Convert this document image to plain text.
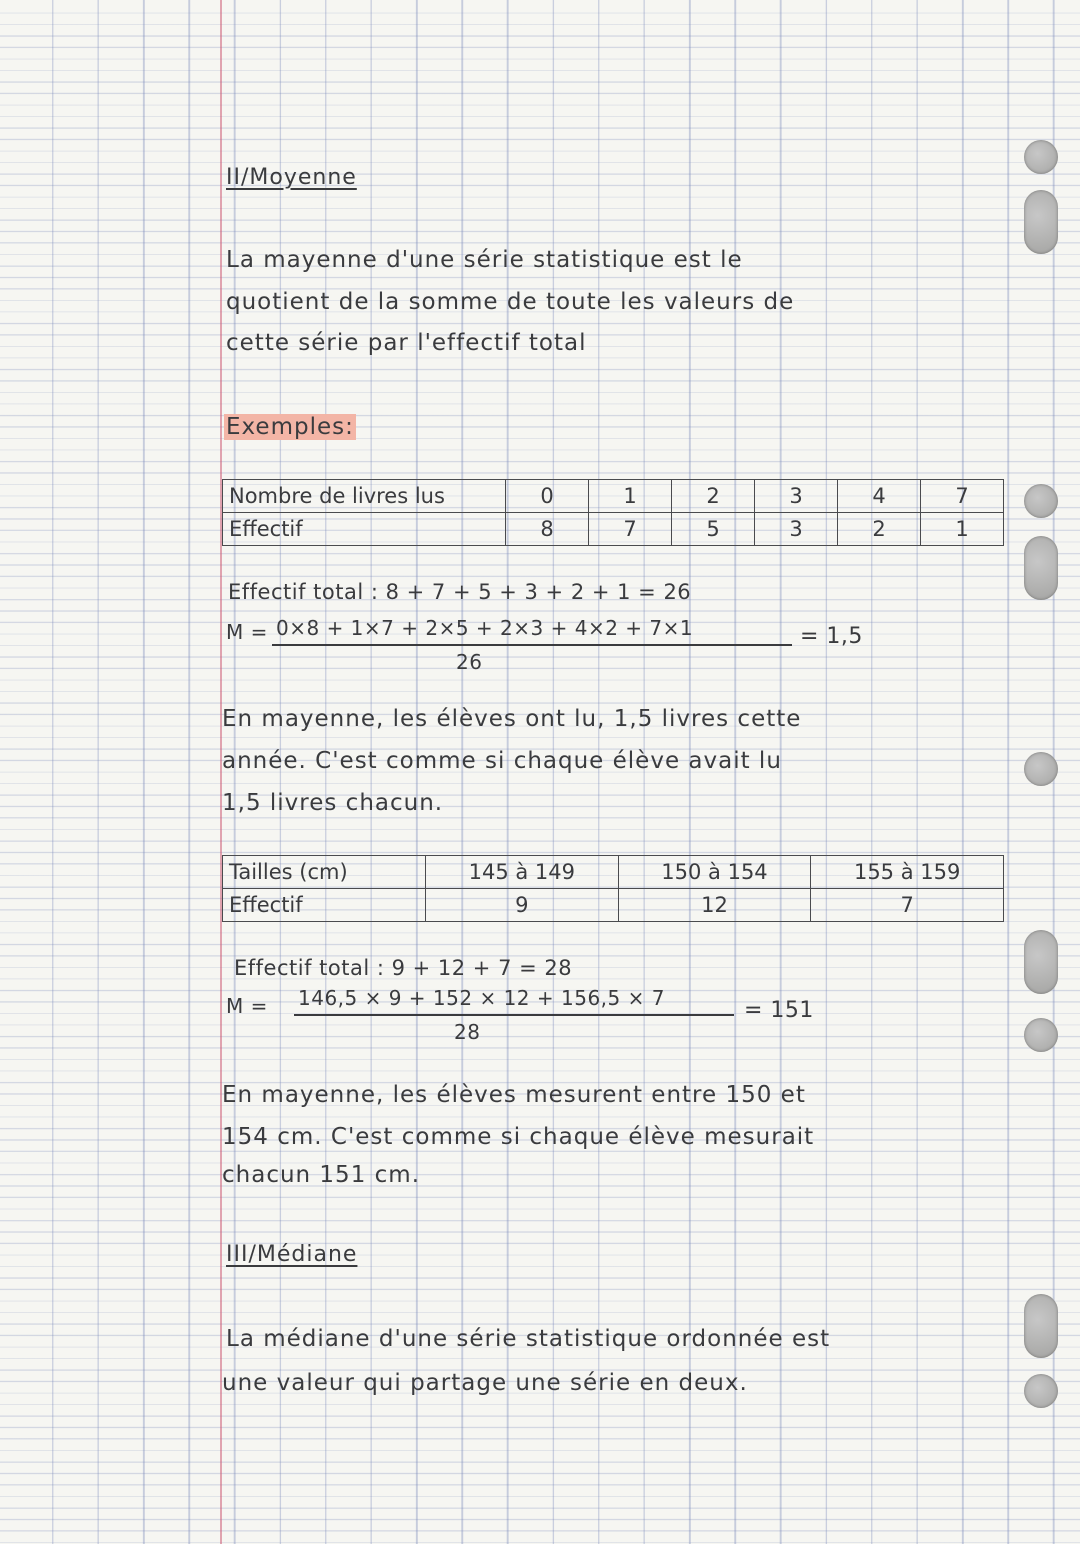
II/Moyenne
La mayenne d'une série statistique est le
quotient de la somme de toute les valeurs de
cette série par l'effectif total
Exemples:
Nombre de livres lus	0	1	2	3	4	7
Effectif	8	7	5	3	2	1
Effectif total : 8 + 7 + 5 + 3 + 2 + 1 = 26
M = 0×8 + 1×7 + 2×5 + 2×3 + 4×2 + 7×1	= 1,5
26
En mayenne, les élèves ont lu, 1,5 livres cette
année. C'est comme si chaque élève avait lu
1,5 livres chacun.
Tailles (cm)	145 à 149	150 à 154	155 à 159
Effectif	9	12	7
Effectif total : 9 + 12 + 7 = 28
M = 146,5 × 9 + 152 × 12 + 156,5 × 7	= 151
28
En mayenne, les élèves mesurent entre 150 et
154 cm. C'est comme si chaque élève mesurait
chacun 151 cm.
III/Médiane
La médiane d'une série statistique ordonnée est
une valeur qui partage une série en deux.
